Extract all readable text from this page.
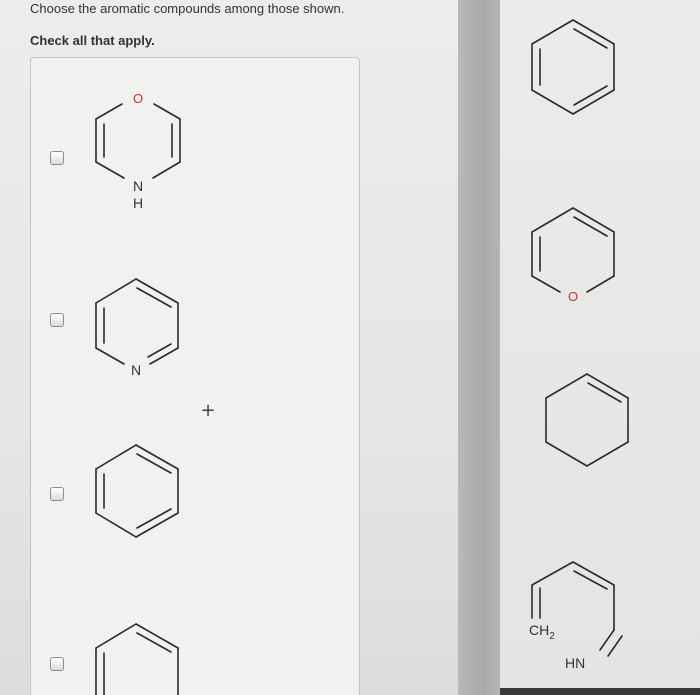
Choose the aromatic compounds among those shown.
Check all that apply.
O
N
H
N
+
O
$CH_2$
HN
